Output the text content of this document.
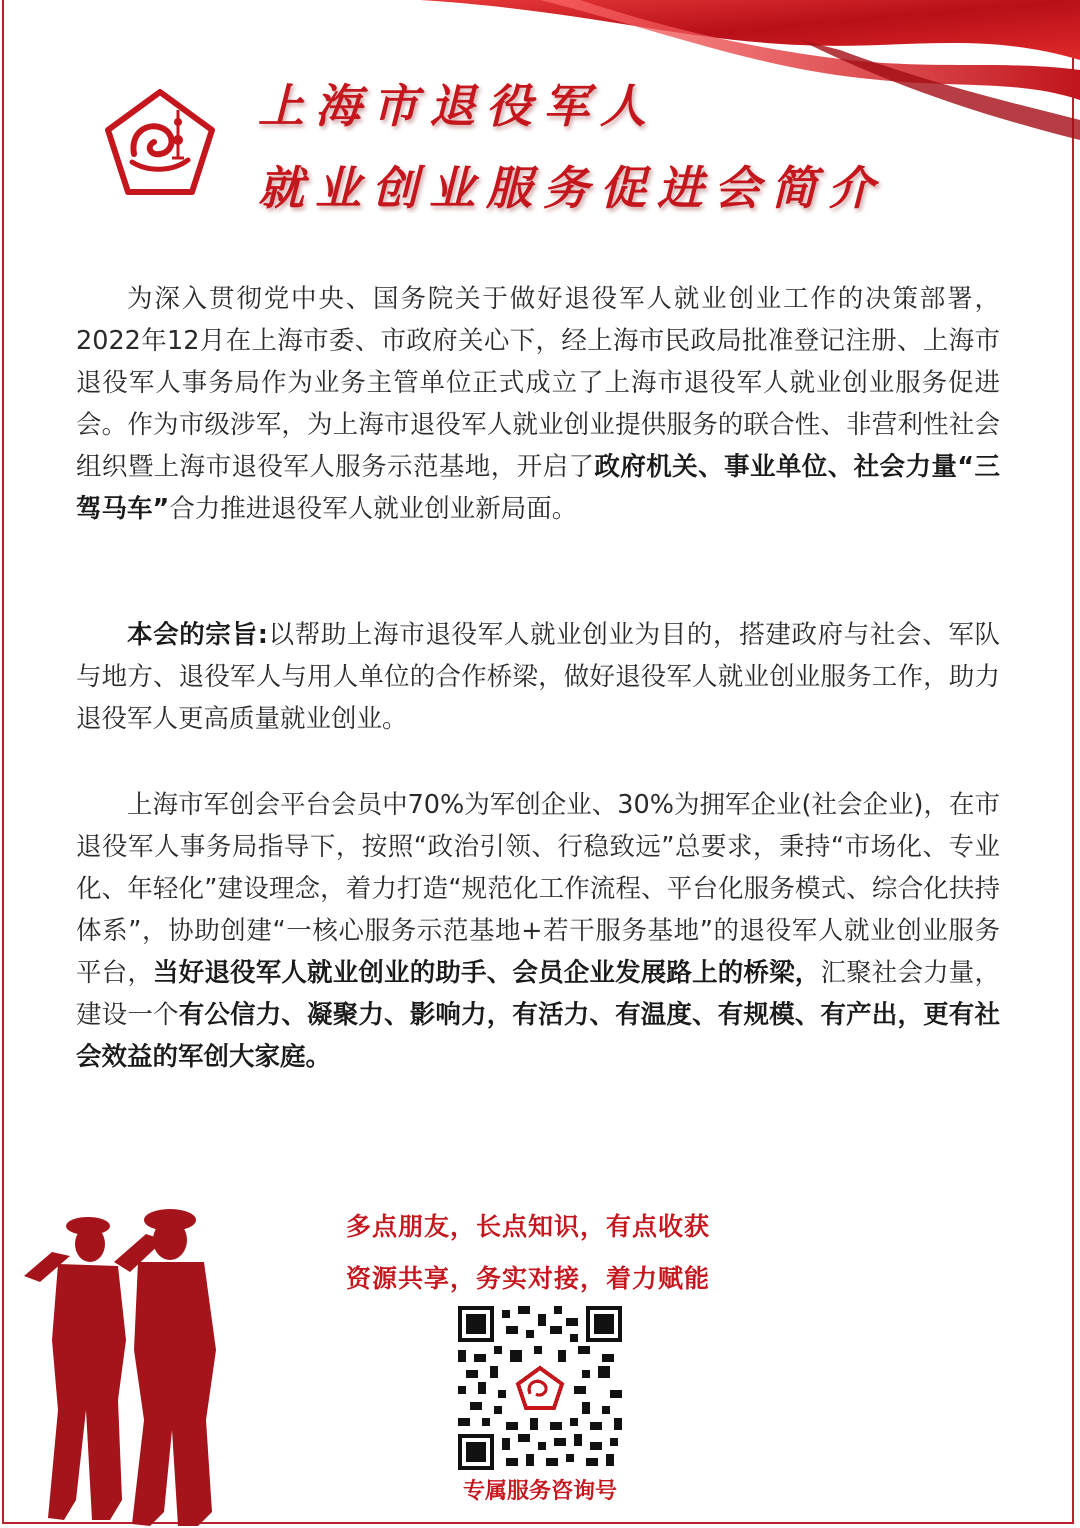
上海市退役军人
就业创业服务促进会简介

为深入贯彻党中央、国务院关于做好退役军人就业创业工作的决策部署，2022年12月在上海市委、市政府关心下，经上海市民政局批准登记注册、上海市退役军人事务局作为业务主管单位正式成立了上海市退役军人就业创业服务促进会。作为市级涉军，为上海市退役军人就业创业提供服务的联合性、非营利性社会组织暨上海市退役军人服务示范基地，开启了政府机关、事业单位、社会力量“三驾马车”合力推进退役军人就业创业新局面。

本会的宗旨:以帮助上海市退役军人就业创业为目的，搭建政府与社会、军队与地方、退役军人与用人单位的合作桥梁，做好退役军人就业创业服务工作，助力退役军人更高质量就业创业。

上海市军创会平台会员中70%为军创企业、30%为拥军企业(社会企业)，在市退役军人事务局指导下，按照“政治引领、行稳致远”总要求，秉持“市场化、专业化、年轻化”建设理念，着力打造“规范化工作流程、平台化服务模式、综合化扶持体系”，协助创建“一核心服务示范基地+若干服务基地”的退役军人就业创业服务平台，当好退役军人就业创业的助手、会员企业发展路上的桥梁，汇聚社会力量，建设一个有公信力、凝聚力、影响力，有活力、有温度、有规模、有产出，更有社会效益的军创大家庭。

多点朋友，长点知识，有点收获

资源共享，务实对接，着力赋能

专属服务咨询号
